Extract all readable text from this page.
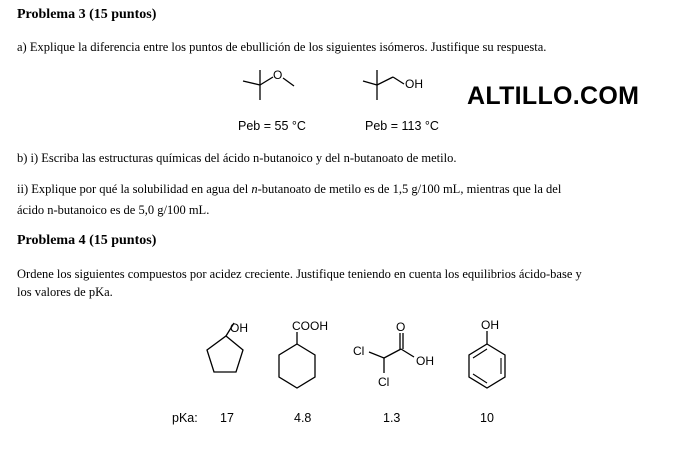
Problema 3 (15 puntos)
a) Explique la diferencia entre los puntos de ebullición de los siguientes isómeros. Justifique su respuesta.
O
Peb = 55 °C
OH
Peb = 113 °C
ALTILLO.COM
b) i) Escriba las estructuras químicas del ácido n-butanoico y del n-butanoato de metilo.
ii) Explique por qué la solubilidad en agua del n-butanoato de metilo es de 1,5 g/100 mL, mientras que la del
ácido n-butanoico es de 5,0 g/100 mL.
Problema 4 (15 puntos)
Ordene los siguientes compuestos por acidez creciente. Justifique teniendo en cuenta los equilibrios ácido-base y
los valores de pKa.
OH	COOH
Cl
Cl
O
OH
OH
pKa: 17	4.8	1.3	10
